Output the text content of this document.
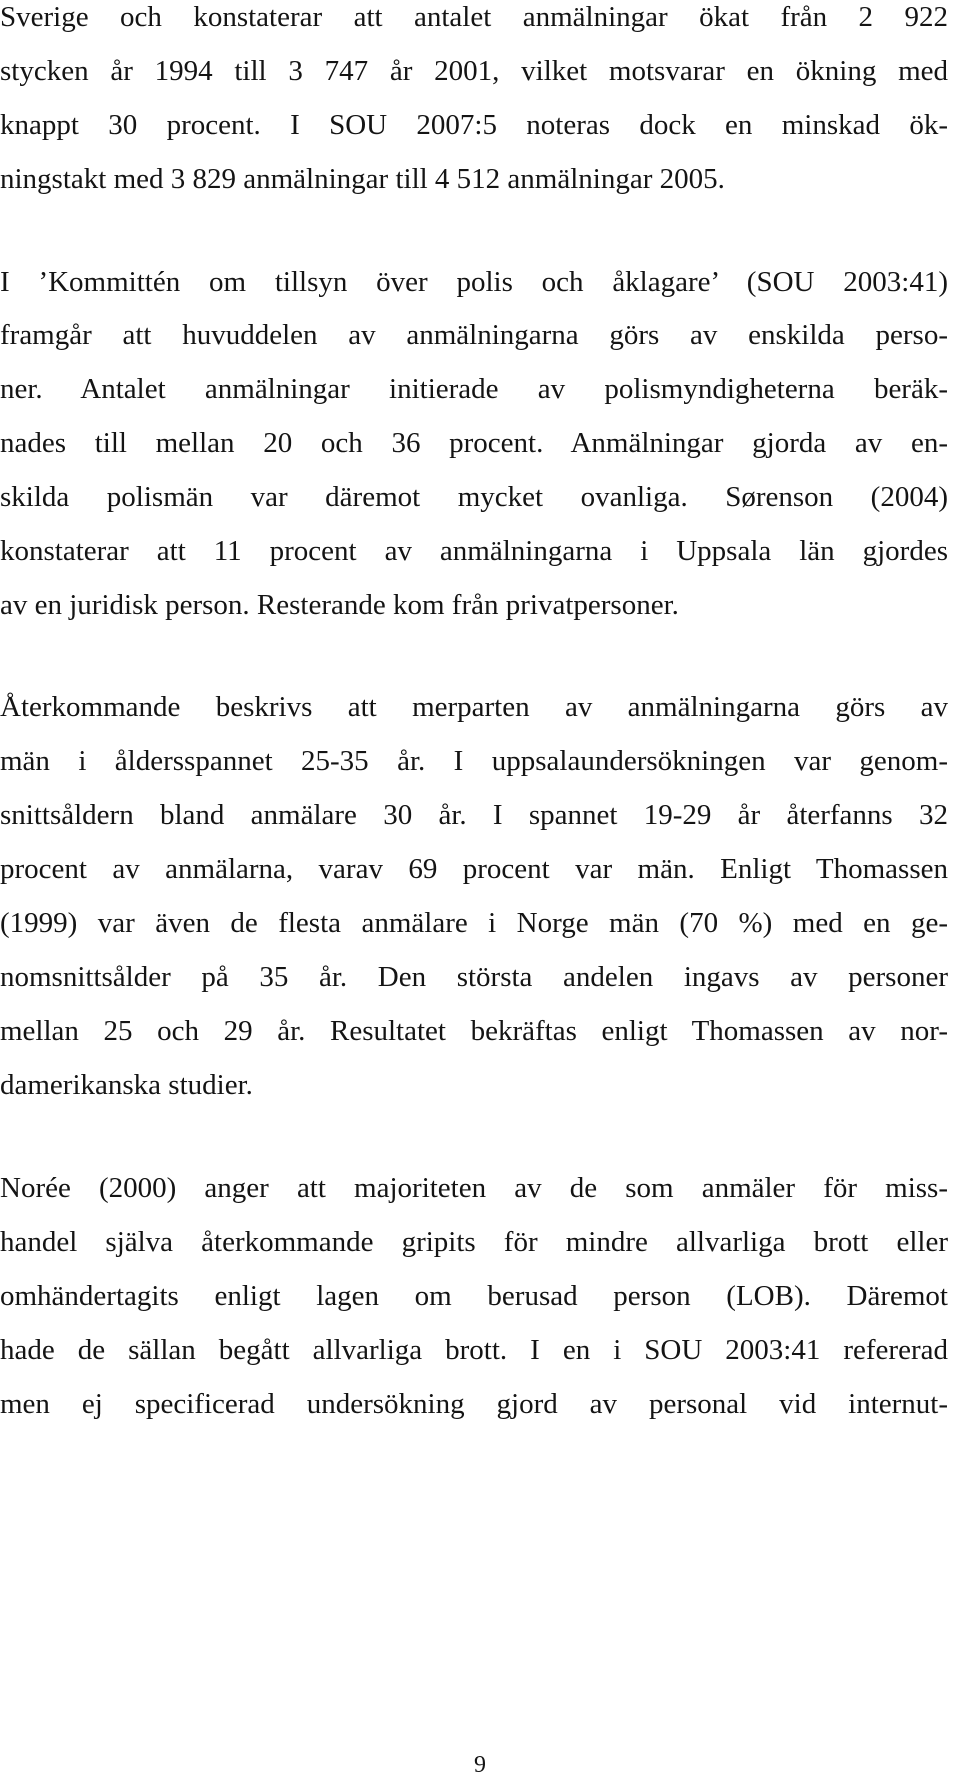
Sverige och konstaterar att antalet anmälningar ökat från 2 922

stycken år 1994 till 3 747 år 2001, vilket motsvarar en ökning med

knappt 30 procent. I SOU 2007:5 noteras dock en minskad ök-

ningstakt med 3 829 anmälningar till 4 512 anmälningar 2005.

I ’Kommittén om tillsyn över polis och åklagare’ (SOU 2003:41)

framgår att huvuddelen av anmälningarna görs av enskilda perso-

ner. Antalet anmälningar initierade av polismyndigheterna beräk-

nades till mellan 20 och 36 procent. Anmälningar gjorda av en-

skilda polismän var däremot mycket ovanliga. Sørenson (2004)

konstaterar att 11 procent av anmälningarna i Uppsala län gjordes

av en juridisk person. Resterande kom från privatpersoner.

Återkommande beskrivs att merparten av anmälningarna görs av

män i åldersspannet 25-35 år. I uppsalaundersökningen var genom-

snittsåldern bland anmälare 30 år. I spannet 19-29 år återfanns 32

procent av anmälarna, varav 69 procent var män. Enligt Thomassen

(1999) var även de flesta anmälare i Norge män (70 %) med en ge-

nomsnittsålder på 35 år. Den största andelen ingavs av personer

mellan 25 och 29 år. Resultatet bekräftas enligt Thomassen av nor-

damerikanska studier.

Norée (2000) anger att majoriteten av de som anmäler för miss-

handel själva återkommande gripits för mindre allvarliga brott eller

omhändertagits enligt lagen om berusad person (LOB). Däremot

hade de sällan begått allvarliga brott. I en i SOU 2003:41 refererad

men ej specificerad undersökning gjord av personal vid internut-

9
